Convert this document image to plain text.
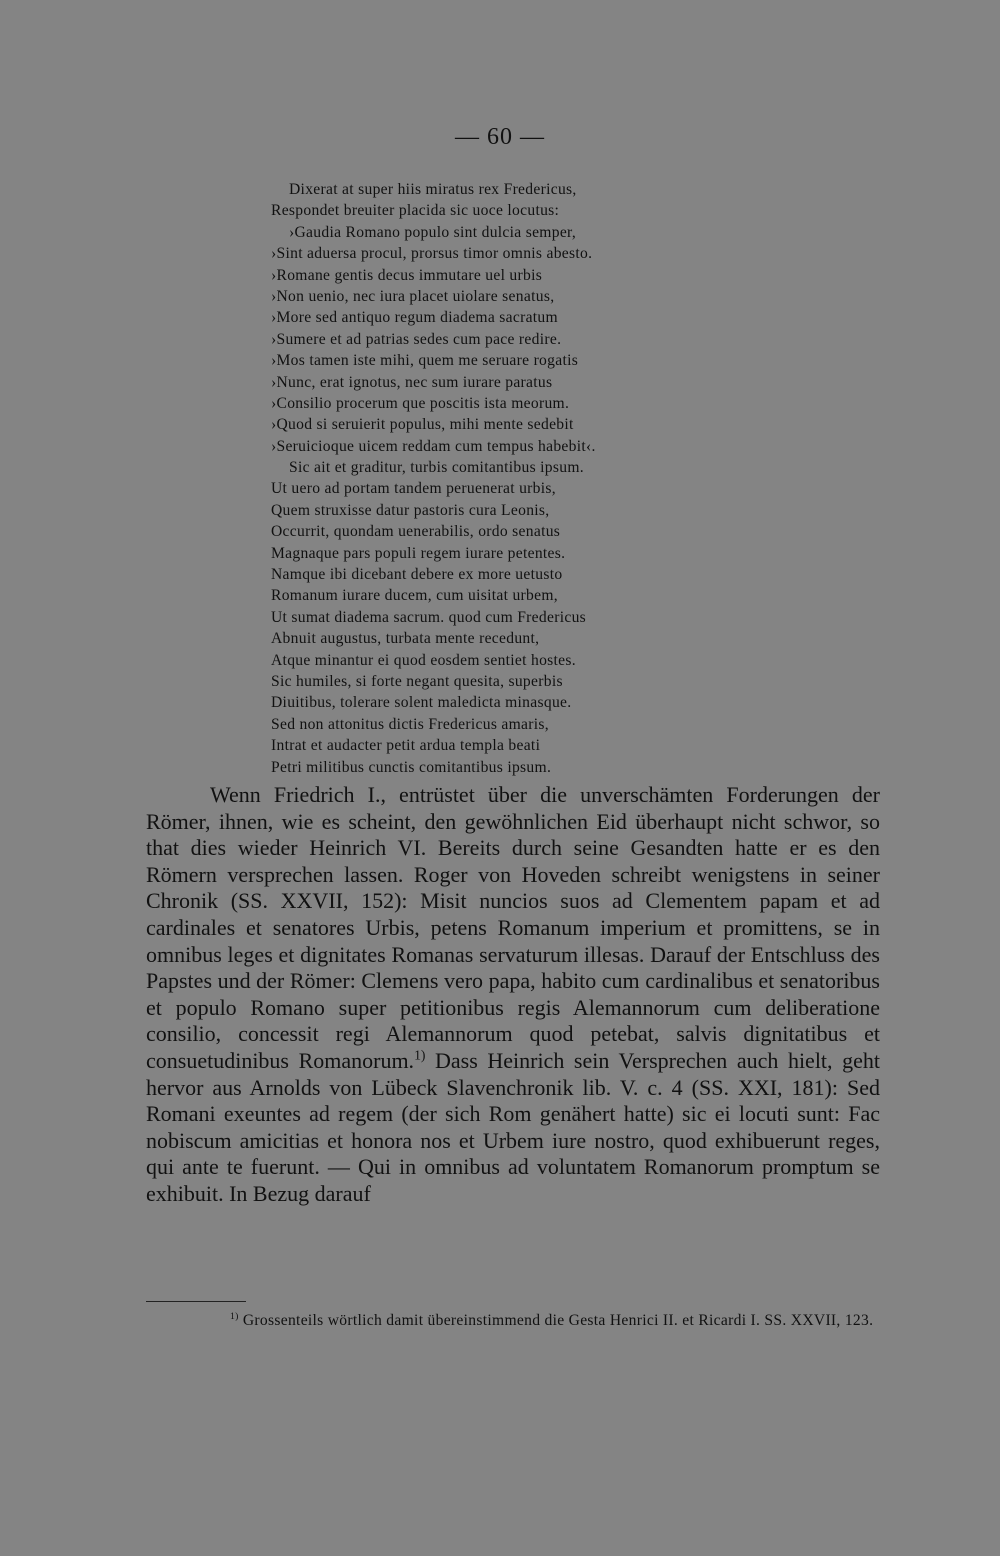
— 60 —
Dixerat at super hiis miratus rex Fredericus,
Respondet breuiter placida sic uoce locutus:
›Gaudia Romano populo sint dulcia semper,
›Sint aduersa procul, prorsus timor omnis abesto.
›Romane gentis decus immutare uel urbis
›Non uenio, nec iura placet uiolare senatus,
›More sed antiquo regum diadema sacratum
›Sumere et ad patrias sedes cum pace redire.
›Mos tamen iste mihi, quem me seruare rogatis
›Nunc, erat ignotus, nec sum iurare paratus
›Consilio procerum que poscitis ista meorum.
›Quod si seruierit populus, mihi mente sedebit
›Seruicioque uicem reddam cum tempus habebit‹.
Sic ait et graditur, turbis comitantibus ipsum.
Ut uero ad portam tandem peruenerat urbis,
Quem struxisse datur pastoris cura Leonis,
Occurrit, quondam uenerabilis, ordo senatus
Magnaque pars populi regem iurare petentes.
Namque ibi dicebant debere ex more uetusto
Romanum iurare ducem, cum uisitat urbem,
Ut sumat diadema sacrum. quod cum Fredericus
Abnuit augustus, turbata mente recedunt,
Atque minantur ei quod eosdem sentiet hostes.
Sic humiles, si forte negant quesita, superbis
Diuitibus, tolerare solent maledicta minasque.
Sed non attonitus dictis Fredericus amaris,
Intrat et audacter petit ardua templa beati
Petri militibus cunctis comitantibus ipsum.
Wenn Friedrich I., entrüstet über die unverschämten Forderungen der Römer, ihnen, wie es scheint, den gewöhnlichen Eid überhaupt nicht schwor, so that dies wieder Heinrich VI. Bereits durch seine Gesandten hatte er es den Römern versprechen lassen. Roger von Hoveden schreibt wenigstens in seiner Chronik (SS. XXVII, 152): Misit nuncios suos ad Clementem papam et ad cardinales et senatores Urbis, petens Romanum imperium et promittens, se in omnibus leges et dignitates Romanas servaturum illesas. Darauf der Entschluss des Papstes und der Römer: Clemens vero papa, habito cum cardinalibus et senatoribus et populo Romano super petitionibus regis Alemannorum cum deliberatione consilio, concessit regi Alemannorum quod petebat, salvis dignitatibus et consuetudinibus Romanorum.$^{1)}$ Dass Heinrich sein Versprechen auch hielt, geht hervor aus Arnolds von Lübeck Slavenchronik lib. V. c. 4 (SS. XXI, 181): Sed Romani exeuntes ad regem (der sich Rom genähert hatte) sic ei locuti sunt: Fac nobiscum amicitias et honora nos et Urbem iure nostro, quod exhibuerunt reges, qui ante te fuerunt. — Qui in omnibus ad voluntatem Romanorum promptum se exhibuit. In Bezug darauf
$^{1)}$ Grossenteils wörtlich damit übereinstimmend die Gesta Henrici II. et Ricardi I. SS. XXVII, 123.
